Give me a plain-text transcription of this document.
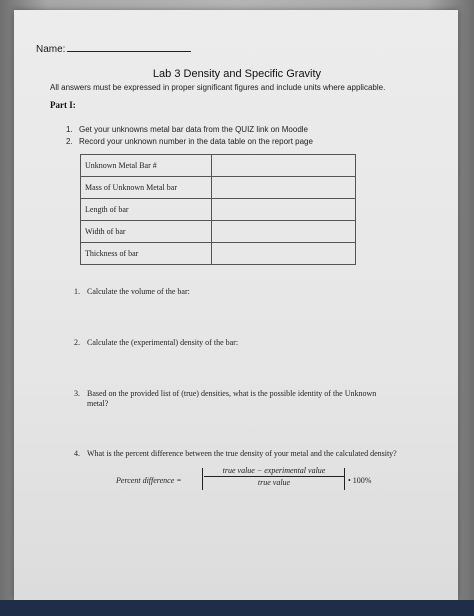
Name:
Lab 3 Density and Specific Gravity
All answers must be expressed in proper significant figures and include units where applicable.
Part I:
1. Get your unknowns metal bar data from the QUIZ link on Moodle
2. Record your unknown number in the data table on the report page
Unknown Metal Bar #	
Mass of Unknown Metal bar	
Length of bar	
Width of bar	
Thickness of bar	
1. Calculate the volume of the bar:
2. Calculate the (experimental) density of the bar:
3. Based on the provided list of (true) densities, what is the possible identity of the Unknown metal?
4. What is the percent difference between the true density of your metal and the calculated density?
Percent difference =
true value − experimental value
true value	• 100%
